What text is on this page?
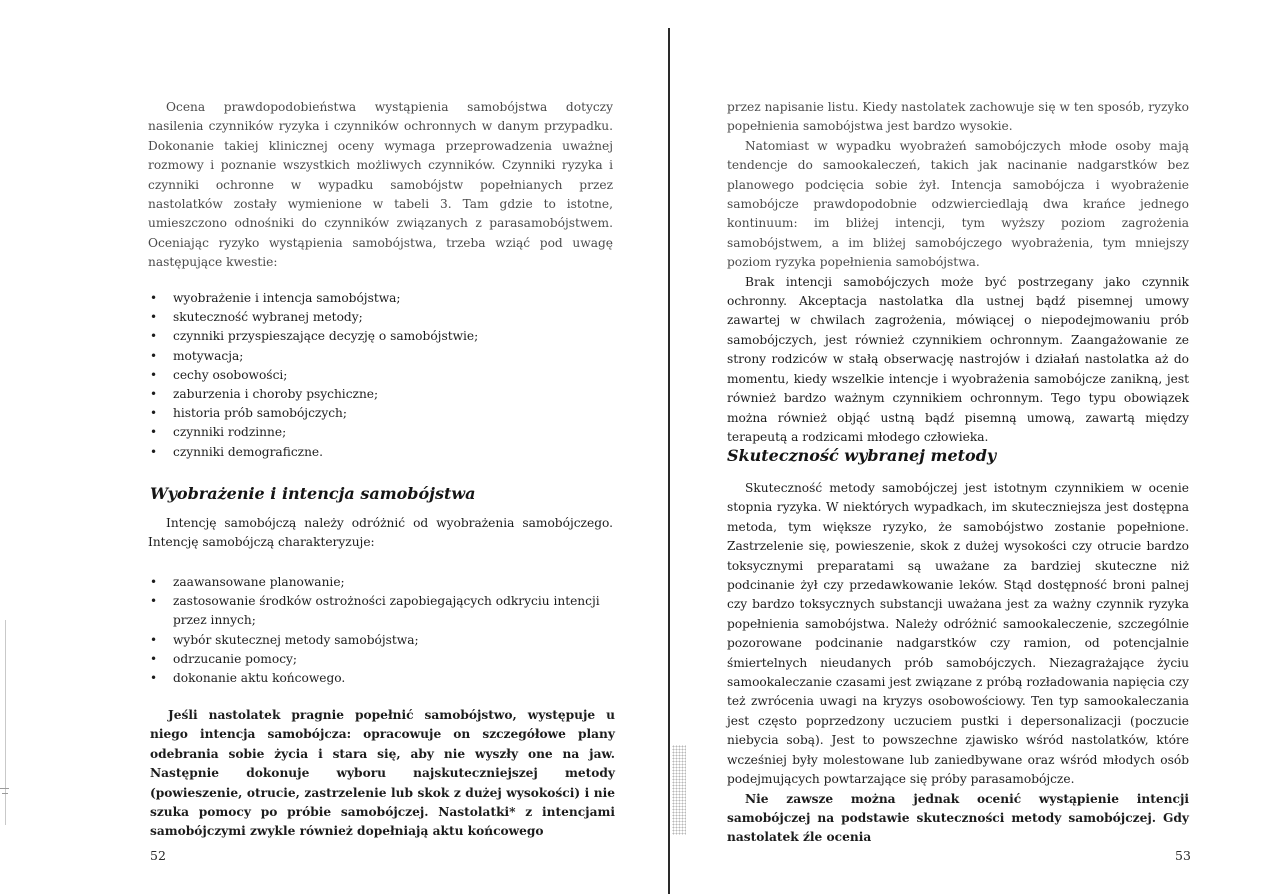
Ocena prawdopodobieństwa wystąpienia samobójstwa dotyczy nasilenia czynników ryzyka i czynników ochronnych w danym przypadku. Dokonanie takiej klinicznej oceny wymaga przeprowadzenia uważnej rozmowy i poznanie wszystkich możliwych czynników. Czynniki ryzyka i czynniki ochronne w wypadku samobójstw popełnianych przez nastolatków zostały wymienione w tabeli 3. Tam gdzie to istotne, umieszczono odnośniki do czynników związanych z parasamobójstwem. Oceniając ryzyko wystąpienia samobójstwa, trzeba wziąć pod uwagę następujące kwestie:

• wyobrażenie i intencja samobójstwa;
• skuteczność wybranej metody;
• czynniki przyspieszające decyzję o samobójstwie;
• motywacja;
• cechy osobowości;
• zaburzenia i choroby psychiczne;
• historia prób samobójczych;
• czynniki rodzinne;
• czynniki demograficzne.
Wyobrażenie i intencja samobójstwa

Intencję samobójczą należy odróżnić od wyobrażenia samobójczego. Intencję samobójczą charakteryzuje:

• zaawansowane planowanie;
• zastosowanie środków ostrożności zapobiegających odkryciu intencji przez innych;
• wybór skutecznej metody samobójstwa;
• odrzucanie pomocy;
• dokonanie aktu końcowego.

Jeśli nastolatek pragnie popełnić samobójstwo, występuje u niego intencja samobójcza: opracowuje on szczegółowe plany odebrania sobie życia i stara się, aby nie wyszły one na jaw. Następnie dokonuje wyboru najskuteczniejszej metody (powieszenie, otrucie, zastrzelenie lub skok z dużej wysokości) i nie szuka pomocy po próbie samobójczej. Nastolatki* z intencjami samobójczymi zwykle również dopełniają aktu końcowego

52

przez napisanie listu. Kiedy nastolatek zachowuje się w ten sposób, ryzyko popełnienia samobójstwa jest bardzo wysokie.

Natomiast w wypadku wyobrażeń samobójczych młode osoby mają tendencje do samookaleczeń, takich jak nacinanie nadgarstków bez planowego podcięcia sobie żył. Intencja samobójcza i wyobrażenie samobójcze prawdopodobnie odzwierciedlają dwa krańce jednego kontinuum: im bliżej intencji, tym wyższy poziom zagrożenia samobójstwem, a im bliżej samobójczego wyobrażenia, tym mniejszy poziom ryzyka popełnienia samobójstwa.

Brak intencji samobójczych może być postrzegany jako czynnik ochronny. Akceptacja nastolatka dla ustnej bądź pisemnej umowy zawartej w chwilach zagrożenia, mówiącej o niepodejmowaniu prób samobójczych, jest również czynnikiem ochronnym. Zaangażowanie ze strony rodziców w stałą obserwację nastrojów i działań nastolatka aż do momentu, kiedy wszelkie intencje i wyobrażenia samobójcze zanikną, jest również bardzo ważnym czynnikiem ochronnym. Tego typu obowiązek można również objąć ustną bądź pisemną umową, zawartą między terapeutą a rodzicami młodego człowieka.

Skuteczność wybranej metody

Skuteczność metody samobójczej jest istotnym czynnikiem w ocenie stopnia ryzyka. W niektórych wypadkach, im skuteczniejsza jest dostępna metoda, tym większe ryzyko, że samobójstwo zostanie popełnione. Zastrzelenie się, powieszenie, skok z dużej wysokości czy otrucie bardzo toksycznymi preparatami są uważane za bardziej skuteczne niż podcinanie żył czy przedawkowanie leków. Stąd dostępność broni palnej czy bardzo toksycznych substancji uważana jest za ważny czynnik ryzyka popełnienia samobójstwa. Należy odróżnić samookaleczenie, szczególnie pozorowane podcinanie nadgarstków czy ramion, od potencjalnie śmiertelnych nieudanych prób samobójczych. Niezagrażające życiu samookaleczanie czasami jest związane z próbą rozładowania napięcia czy też zwrócenia uwagi na kryzys osobowościowy. Ten typ samookaleczania jest często poprzedzony uczuciem pustki i depersonalizacji (poczucie niebycia sobą). Jest to powszechne zjawisko wśród nastolatków, które wcześniej były molestowane lub zaniedbywane oraz wśród młodych osób podejmujących powtarzające się próby parasamobójcze.

Nie zawsze można jednak ocenić wystąpienie intencji samobójczej na podstawie skuteczności metody samobójczej. Gdy nastolatek źle ocenia

53
